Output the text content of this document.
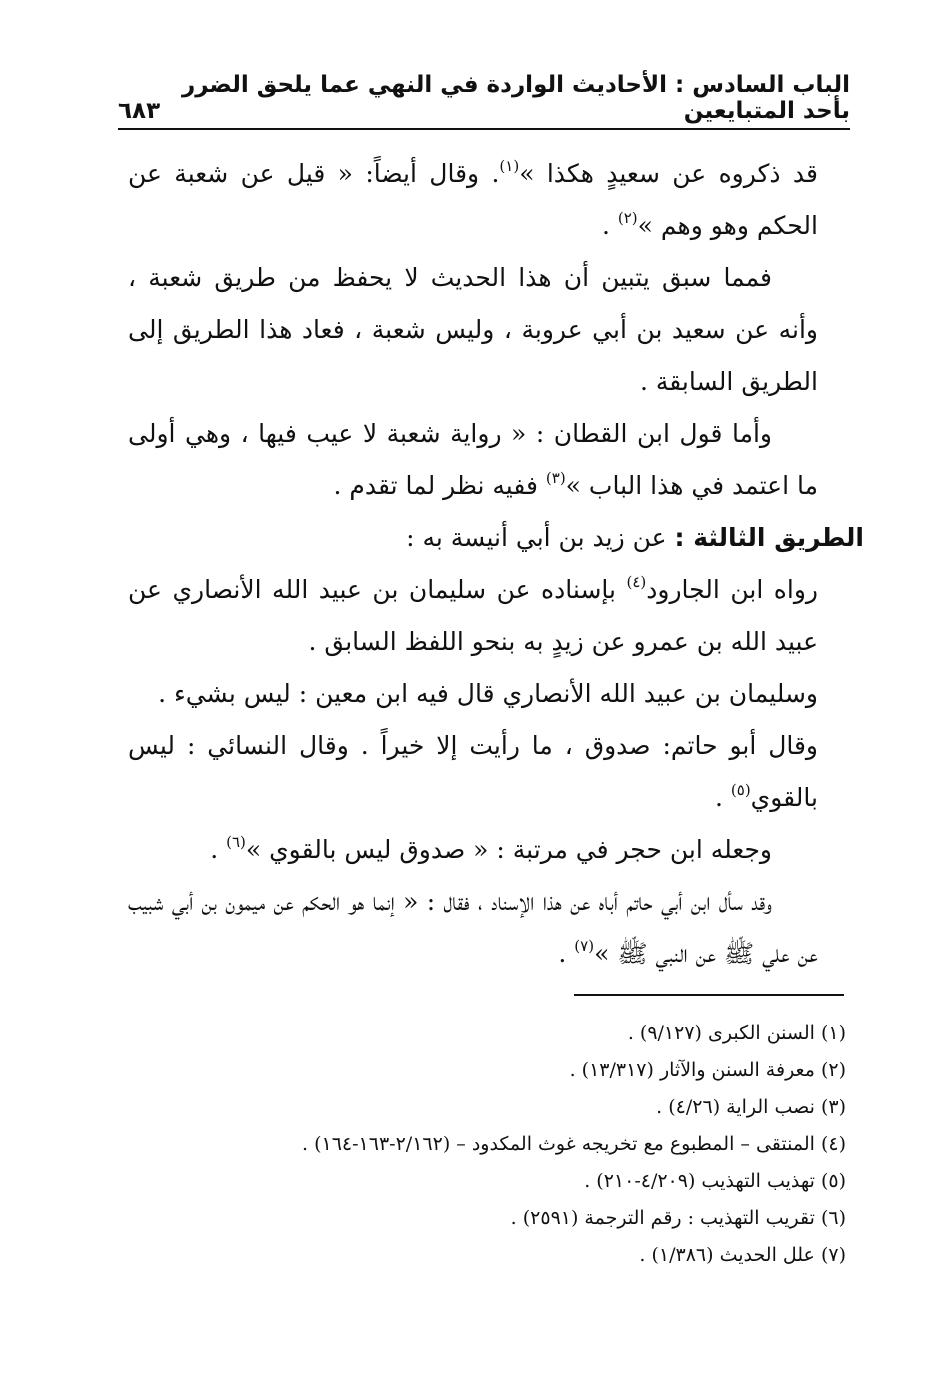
الباب السادس : الأحاديث الواردة في النهي عما يلحق الضرر بأحد المتبايعين
٦٨٣

قد ذكروه عن سعيدٍ هكذا »$^{(١)}$. وقال أيضاً: « قيل عن شعبة عن الحكم وهو وهم »$^{(٢)}$ .

فمما سبق يتبين أن هذا الحديث لا يحفظ من طريق شعبة ، وأنه عن سعيد بن أبي عروبة ، وليس شعبة ، فعاد هذا الطريق إلى الطريق السابقة .

وأما قول ابن القطان : « رواية شعبة لا عيب فيها ، وهي أولى ما اعتمد في هذا الباب »$^{(٣)}$ ففيه نظر لما تقدم .

الطريق الثالثة : عن زيد بن أبي أنيسة به :

رواه ابن الجارود$^{(٤)}$ بإسناده عن سليمان بن عبيد الله الأنصاري عن عبيد الله بن عمرو عن زيدٍ به بنحو اللفظ السابق .

وسليمان بن عبيد الله الأنصاري قال فيه ابن معين : ليس بشيء .

وقال أبو حاتم: صدوق ، ما رأيت إلا خيراً . وقال النسائي : ليس بالقوي$^{(٥)}$ .

وجعله ابن حجر في مرتبة : « صدوق ليس بالقوي »$^{(٦)}$ .

وقد سأل ابن أبي حاتم أباه عن هذا الإسناد ، فقال : « إنما هو الحكم عن ميمون بن أبي شبيب عن علي ﷺ عن النبي ﷺ »$^{(٧)}$ .

(١) السنن الكبرى (٩/١٢٧) .

(٢) معرفة السنن والآثار (١٣/٣١٧) .

(٣) نصب الراية (٤/٢٦) .

(٤) المنتقى – المطبوع مع تخريجه غوث المكدود – (٢/١٦٢-١٦٣-١٦٤) .

(٥) تهذيب التهذيب (٤/٢٠٩-٢١٠) .

(٦) تقريب التهذيب : رقم الترجمة (٢٥٩١) .

(٧) علل الحديث (١/٣٨٦) .
